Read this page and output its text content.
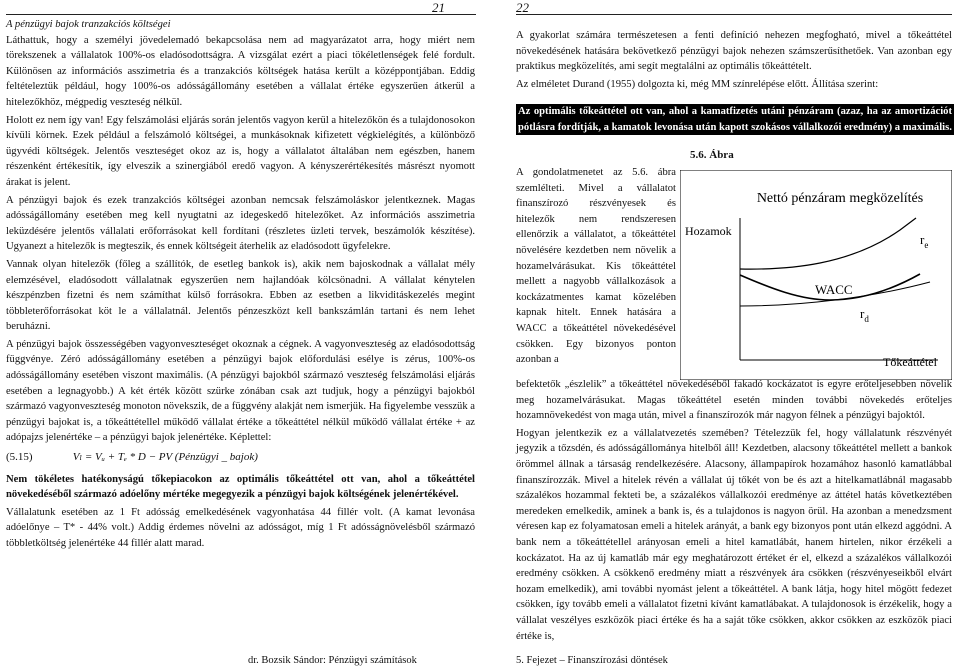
21

A pénzügyi bajok tranzakciós költségei

Láthattuk, hogy a személyi jövedelemadó bekapcsolása nem ad magyarázatot arra, hogy miért nem törekszenek a vállalatok 100%-os eladósodottságra. A vizsgálat ezért a piaci tökéletlenségek felé fordult. Különösen az információs asszimetria és a tranzakciós költségek hatása került a középpontjában. Eddig feltételeztük például, hogy 100%-os adósságállomány esetében a vállalat értéke egyszerűen átkerül a hitelezőkhöz, mégpedig veszteség nélkül.

Holott ez nem így van! Egy felszámolási eljárás során jelentős vagyon kerül a hitelezőkön és a tulajdonosokon kívüli körnek. Ezek például a felszámoló költségei, a munkásoknak kifizetett végkielégítés, a különböző ügyvédi költségek. Jelentős veszteséget okoz az is, hogy a vállalatot általában nem egészben, hanem részenként értékesítik, így elveszik a szinergiából eredő vagyon. A kényszerértékesítés másrészt nyomott árakat is jelent.

A pénzügyi bajok és ezek tranzakciós költségei azonban nemcsak felszámoláskor jelentkeznek. Magas adósságállomány esetében meg kell nyugtatni az idegeskedő hitelezőket. Az információs asszimetria leküzdésére jelentős vállalati erőforrásokat kell fordítani (részletes üzleti tervek, beszámolók készítése). Ugyanezt a hitelezők is megteszik, és ennek költségeit áterhelik az eladósodott ügyfelekre.

Vannak olyan hitelezők (főleg a szállítók, de esetleg bankok is), akik nem bajoskodnak a vállalat mély elemzésével, eladósodott vállalatnak egyszerűen nem hajlandóak kölcsönadni. A vállalat kénytelen készpénzben fizetni és nem számíthat külső forrásokra. Ebben az esetben a likviditáskezelés megint többleterőforrásokat köt le a vállalatnál. Jelentős pénzeszközt kell bankszámlán tartani és nem lehet beruházni.

A pénzügyi bajok összességében vagyonveszteséget okoznak a cégnek. A vagyonveszteség az eladósodottság függvénye. Zéró adósságállomány esetében a pénzügyi bajok előfordulási esélye is zérus, 100%-os adósságállomány esetében viszont maximális. (A pénzügyi bajokból származó veszteség felszámolási eljárás esetében a legnagyobb.) A két érték között szürke zónában csak azt tudjuk, hogy a pénzügyi bajokból származó vagyonveszteség monoton növekszik, de a függvény alakját nem ismerjük. Ha figyelembe vesszük a pénzügyi bajokat is, a tőkeáttétellel működő vállalat értéke a tőkeáttétel nélkül működő vállalat értéke + az adópajzs jelenértéke – a pénzügyi bajok jelenértéke. Képlettel:

(5.15)	Vₗ = Vᵤ + Tₑ * D − PV (Pénzügyi _ bajok)

Nem tökéletes hatékonyságú tőkepiacokon az optimális tőkeáttétel ott van, ahol a tőkeáttétel növekedéséből származó adóelőny mértéke megegyezik a pénzügyi bajok költségének jelenértékével.

Vállalatunk esetében az 1 Ft adósság emelkedésének vagyonhatása 44 fillér volt. (A kamat levonása adóelőnye – T* - 44% volt.) Addig érdemes növelni az adósságot, míg 1 Ft adósságnövelésből származó többletköltség jelenértéke 44 fillér alatt marad.

dr. Bozsik Sándor: Pénzügyi számítások
22

A gyakorlat számára természetesen a fenti definíció nehezen megfogható, mivel a tőkeáttétel növekedésének hatására bekövetkező pénzügyi bajok nehezen számszerűsíthetőek. Van azonban egy praktikus megközelítés, ami segít megtalálni az optimális tőkeáttételt.

Az elméletet Durand (1955) dolgozta ki, még MM színrelépése előtt. Állítása szerint:

Az optimális tőkeáttétel ott van, ahol a kamatfizetés utáni pénzáram (azaz, ha az amortizációt pótlásra fordítják, a kamatok levonása után kapott szokásos vállalkozói eredmény) a maximális.
5.6. Ábra

A gondolatmenetet az 5.6. ábra szemlélteti. Mivel a vállalatot finanszírozó részvényesek és hitelezők nem rendszeresen ellenőrzik a vállalatot, a tőkeáttétel növelésére kezdetben nem növelik a hozamelvárásukat. Kis tőkeáttétel mellett a nagyobb vállalkozások a kockázatmentes kamat közelében kapnak hitelt. Ennek hatására a WACC a tőkeáttétel növekedésével csökken. Egy bizonyos ponton azonban a

Nettó pénzáram megközelítés
Hozamok
Tőkeáttétel
$r_e$
WACC
$r_d$

befektetők „észlelik” a tőkeáttétel növekedéséből fakadó kockázatot is egyre erőteljesebben növelik meg hozamelvárásukat. Magas tőkeáttétel esetén minden további növekedés erőteljes hozamnövekedést von maga után, mivel a finanszírozók már nagyon félnek a pénzügyi bajoktól.

Hogyan jelentkezik ez a vállalatvezetés szemében? Tételezzük fel, hogy vállalatunk részvényét jegyzik a tőzsdén, és adósságállománya hitelből áll! Kezdetben, alacsony tőkeáttétel mellett a bankok örömmel állnak a társaság rendelkezésére. Alacsony, állampapírok hozamához hasonló kamatlábbal finanszírozzák. Mivel a hitelek révén a vállalat új tőkét von be és azt a hitelkamatlábnál magasabb százalékos hozammal fekteti be, a százalékos vállalkozói eredménye az áttétel hatás következtében meredeken emelkedik, aminek a bank is, és a tulajdonos is nagyon örül. Ha azonban a menedzsment véresen kap ez folyamatosan emeli a hitelek arányát, a bank egy bizonyos pont után elkezd aggódni. A bank nem a tőkeáttétellel arányosan emeli a hitel kamatlábát, hanem hirtelen, nikor érzékeli a kockázatot. Ha az új kamatláb már egy meghatározott értéket ér el, elkezd a százalékos vállalkozói eredmény csökken. A csökkenő eredmény miatt a részvények ára csökken (részvényeseikből elvárt hozam emelkedik), ami további nyomást jelent a tőkeáttétel. A bank látja, hogy hitel mögött fedezet csökken, így tovább emeli a vállalatot fizetni kívánt kamatlábakat. A tulajdonosok is érzékelik, hogy a vállalat veszélyes eszközök piaci értéke és ha a saját tőke csökken, akkor csökken az eszközök piaci értéke is,

5. Fejezet – Finanszírozási döntések
